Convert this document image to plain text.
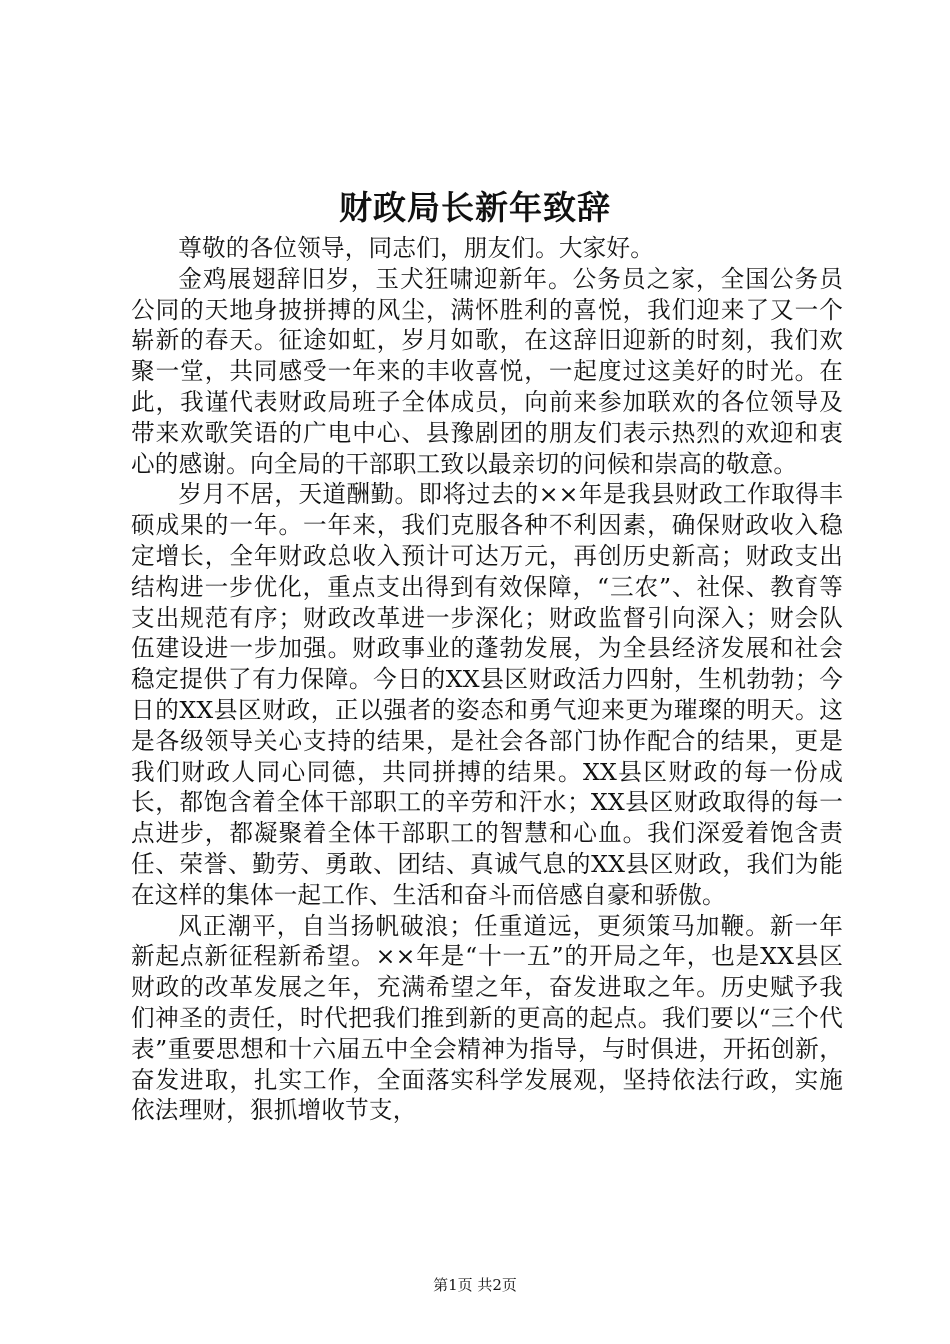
财政局长新年致辞

尊敬的各位领导，同志们，朋友们。大家好。

金鸡展翅辞旧岁，玉犬狂啸迎新年。公务员之家，全国公务员公同的天地身披拼搏的风尘，满怀胜利的喜悦，我们迎来了又一个崭新的春天。征途如虹，岁月如歌，在这辞旧迎新的时刻，我们欢聚一堂，共同感受一年来的丰收喜悦，一起度过这美好的时光。在此，我谨代表财政局班子全体成员，向前来参加联欢的各位领导及带来欢歌笑语的广电中心、县豫剧团的朋友们表示热烈的欢迎和衷心的感谢。向全局的干部职工致以最亲切的问候和崇高的敬意。

岁月不居，天道酬勤。即将过去的××年是我县财政工作取得丰硕成果的一年。一年来，我们克服各种不利因素，确保财政收入稳定增长，全年财政总收入预计可达万元，再创历史新高；财政支出结构进一步优化，重点支出得到有效保障，“三农”、社保、教育等支出规范有序；财政改革进一步深化；财政监督引向深入；财会队伍建设进一步加强。财政事业的蓬勃发展，为全县经济发展和社会稳定提供了有力保障。今日的XX县区财政活力四射，生机勃勃；今日的XX县区财政，正以强者的姿态和勇气迎来更为璀璨的明天。这是各级领导关心支持的结果，是社会各部门协作配合的结果，更是我们财政人同心同德，共同拼搏的结果。XX县区财政的每一份成长，都饱含着全体干部职工的辛劳和汗水；XX县区财政取得的每一点进步，都凝聚着全体干部职工的智慧和心血。我们深爱着饱含责任、荣誉、勤劳、勇敢、团结、真诚气息的XX县区财政，我们为能在这样的集体一起工作、生活和奋斗而倍感自豪和骄傲。

风正潮平，自当扬帆破浪；任重道远，更须策马加鞭。新一年新起点新征程新希望。××年是“十一五”的开局之年，也是XX县区财政的改革发展之年，充满希望之年，奋发进取之年。历史赋予我们神圣的责任，时代把我们推到新的更高的起点。我们要以“三个代表”重要思想和十六届五中全会精神为指导，与时俱进，开拓创新，奋发进取，扎实工作，全面落实科学发展观，坚持依法行政，实施依法理财，狠抓增收节支，

第1页 共2页
